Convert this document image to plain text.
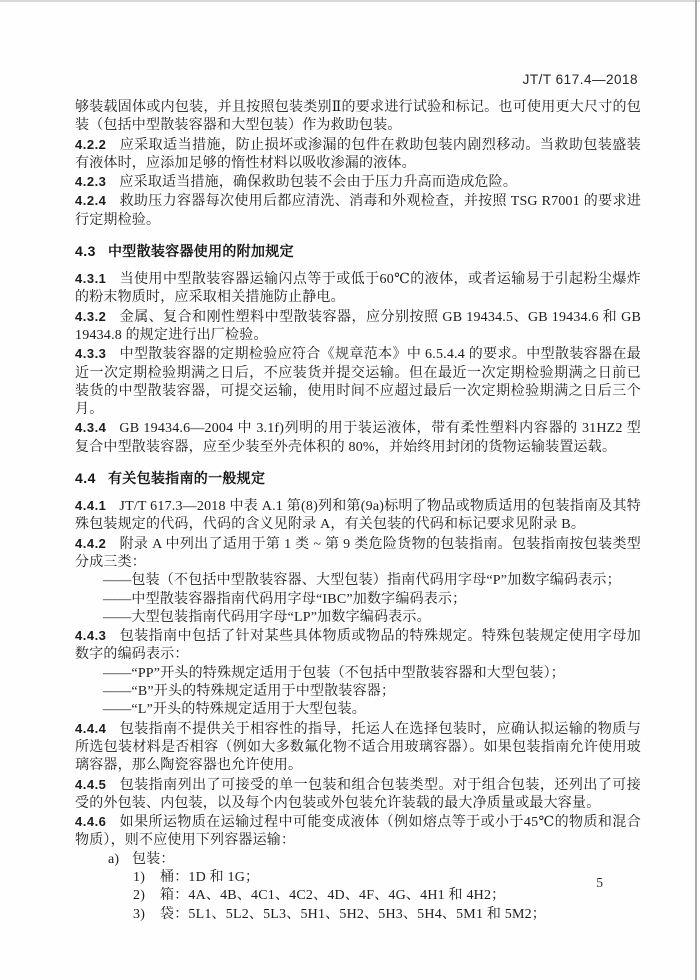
JT/T 617.4—2018

够装载固体或内包装，并且按照包装类别Ⅱ的要求进行试验和标记。也可使用更大尺寸的包装（包括中型散装容器和大型包装）作为救助包装。

4.2.2 应采取适当措施，防止损坏或渗漏的包件在救助包装内剧烈移动。当救助包装盛装有液体时，应添加足够的惰性材料以吸收渗漏的液体。

4.2.3 应采取适当措施，确保救助包装不会由于压力升高而造成危险。

4.2.4 救助压力容器每次使用后都应清洗、消毒和外观检查，并按照 TSG R7001 的要求进行定期检验。

4.3 中型散装容器使用的附加规定

4.3.1 当使用中型散装容器运输闪点等于或低于60℃的液体，或者运输易于引起粉尘爆炸的粉末物质时，应采取相关措施防止静电。

4.3.2 金属、复合和刚性塑料中型散装容器，应分别按照 GB 19434.5、GB 19434.6 和 GB 19434.8 的规定进行出厂检验。

4.3.3 中型散装容器的定期检验应符合《规章范本》中 6.5.4.4 的要求。中型散装容器在最近一次定期检验期满之日后，不应装货并提交运输。但在最近一次定期检验期满之日前已装货的中型散装容器，可提交运输，使用时间不应超过最后一次定期检验期满之日后三个月。

4.3.4 GB 19434.6—2004 中 3.1f)列明的用于装运液体，带有柔性塑料内容器的 31HZ2 型复合中型散装容器，应至少装至外壳体积的 80%，并始终用封闭的货物运输装置运载。

4.4 有关包装指南的一般规定

4.4.1 JT/T 617.3—2018 中表 A.1 第(8)列和第(9a)标明了物品或物质适用的包装指南及其特殊包装规定的代码，代码的含义见附录 A，有关包装的代码和标记要求见附录 B。

4.4.2 附录 A 中列出了适用于第 1 类 ~ 第 9 类危险货物的包装指南。包装指南按包装类型分成三类：

——包装（不包括中型散装容器、大型包装）指南代码用字母“P”加数字编码表示；

——中型散装容器指南代码用字母“IBC”加数字编码表示；

——大型包装指南代码用字母“LP”加数字编码表示。

4.4.3 包装指南中包括了针对某些具体物质或物品的特殊规定。特殊包装规定使用字母加数字的编码表示：

——“PP”开头的特殊规定适用于包装（不包括中型散装容器和大型包装）；

——“B”开头的特殊规定适用于中型散装容器；

——“L”开头的特殊规定适用于大型包装。

4.4.4 包装指南不提供关于相容性的指导，托运人在选择包装时，应确认拟运输的物质与所选包装材料是否相容（例如大多数氟化物不适合用玻璃容器）。如果包装指南允许使用玻璃容器，那么陶瓷容器也允许使用。

4.4.5 包装指南列出了可接受的单一包装和组合包装类型。对于组合包装，还列出了可接受的外包装、内包装，以及每个内包装或外包装允许装载的最大净质量或最大容量。

4.4.6 如果所运物质在运输过程中可能变成液体（例如熔点等于或小于45℃的物质和混合物质），则不应使用下列容器运输：

a) 包装：

1) 桶：1D 和 1G；

2) 箱：4A、4B、4C1、4C2、4D、4F、4G、4H1 和 4H2；

3) 袋：5L1、5L2、5L3、5H1、5H2、5H3、5H4、5M1 和 5M2；

5
